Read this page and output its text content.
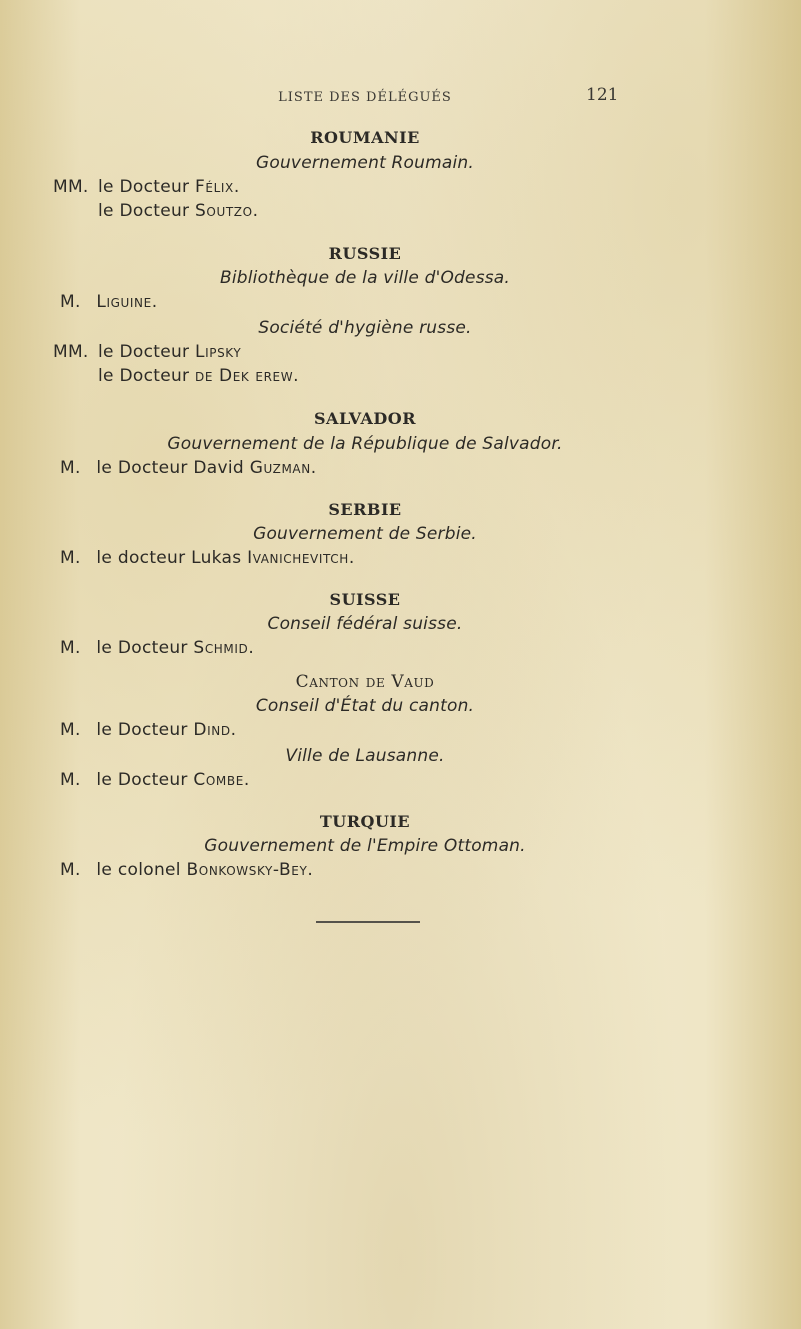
LISTE DES DÉLÉGUÉS	121
ROUMANIE
Gouvernement Roumain.
MM. le Docteur Félix.
le Docteur Soutzo.
RUSSIE
Bibliothèque de la ville d'Odessa.
M. Liguine.
Société d'hygiène russe.
MM. le Docteur Lipsky
le Docteur de Dek erew.
SALVADOR
Gouvernement de la République de Salvador.
M. le Docteur David Guzman.
SERBIE
Gouvernement de Serbie.
M. le docteur Lukas Ivanichevitch.
SUISSE
Conseil fédéral suisse.
M. le Docteur Schmid.
Canton de Vaud
Conseil d'État du canton.
M. le Docteur Dind.
Ville de Lausanne.
M. le Docteur Combe.
TURQUIE
Gouvernement de l'Empire Ottoman.
M. le colonel Bonkowsky-Bey.
